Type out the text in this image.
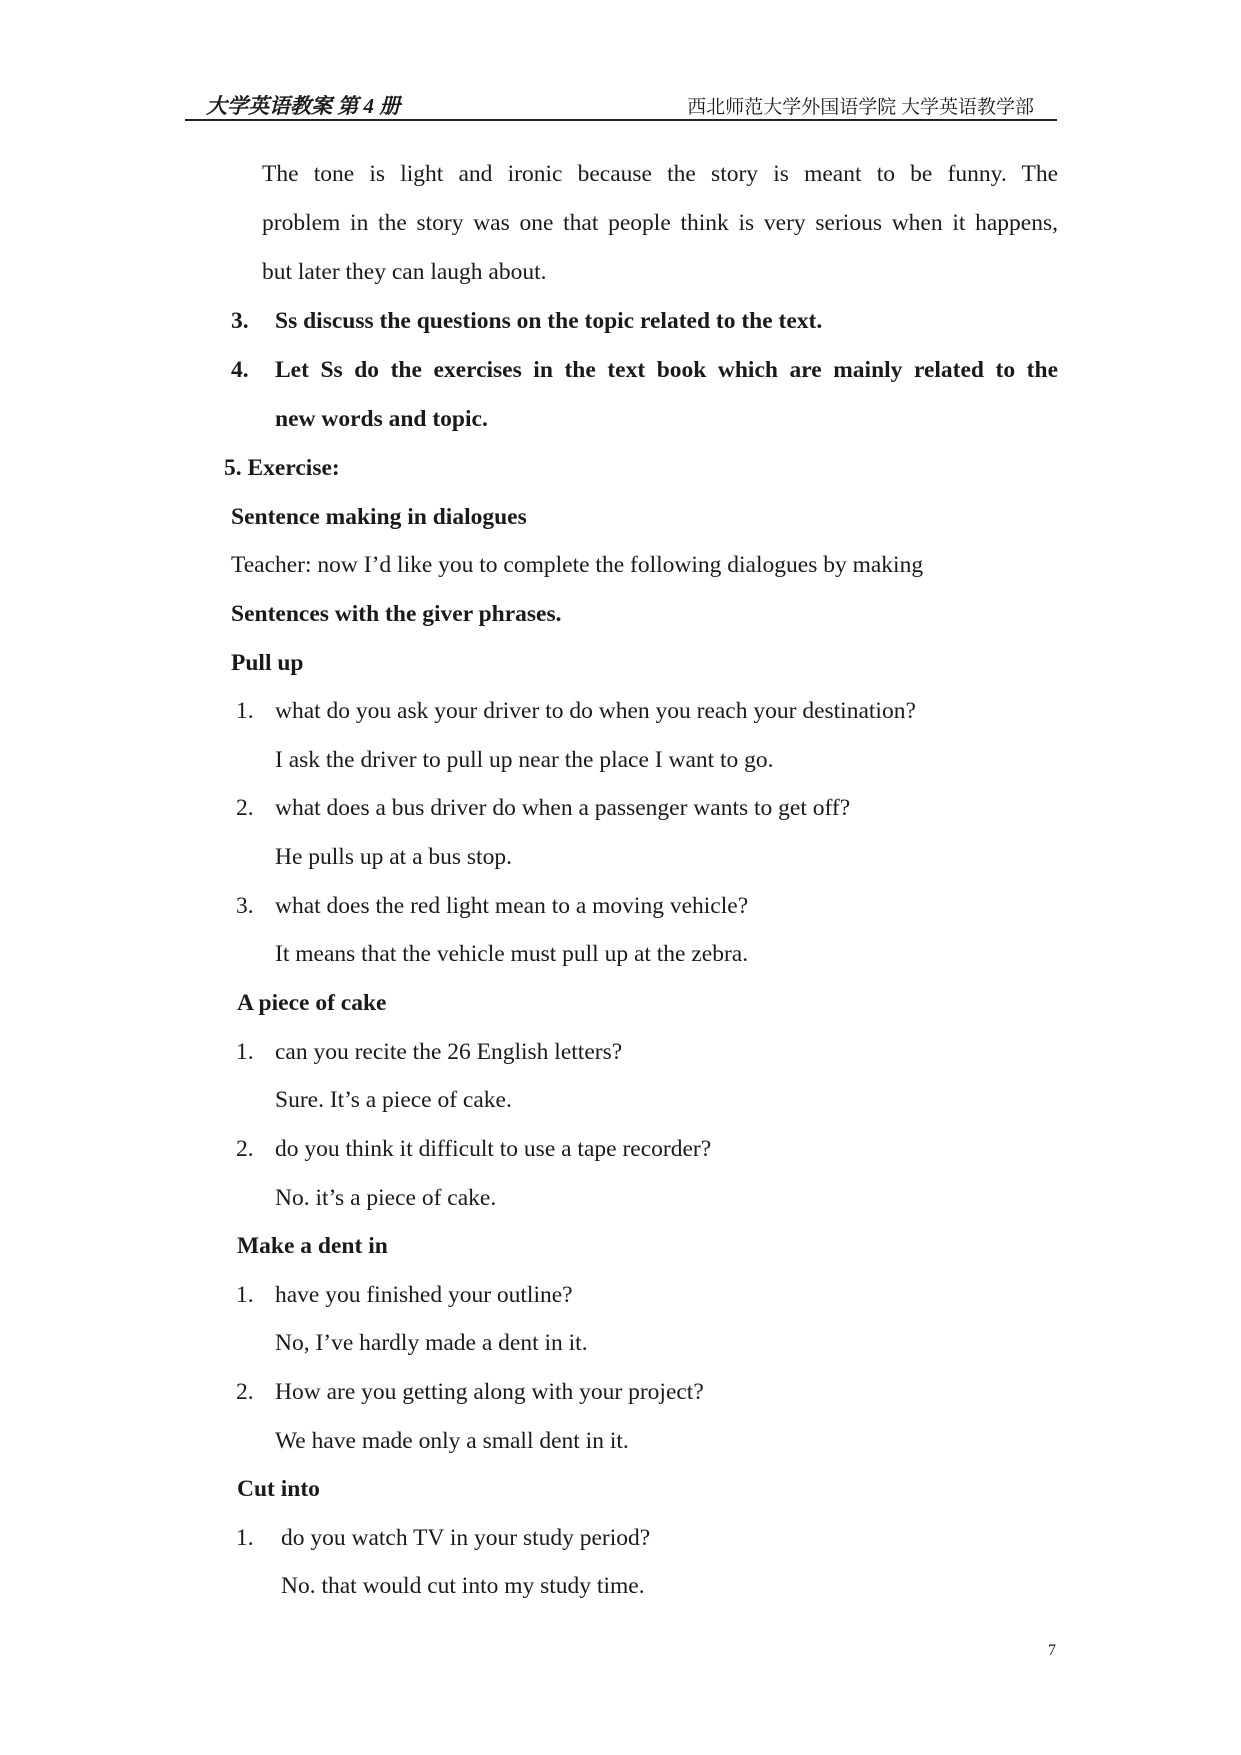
大学英语教案 第 4 册	西北师范大学外国语学院 大学英语教学部
The tone is light and ironic because the story is meant to be funny. The
problem in the story was one that people think is very serious when it happens,
but later they can laugh about.
3. Ss discuss the questions on the topic related to the text.
4. Let Ss do the exercises in the text book which are mainly related to the
new words and topic.
5. Exercise:
Sentence making in dialogues
Teacher: now I’d like you to complete the following dialogues by making
Sentences with the giver phrases.
Pull up
1. what do you ask your driver to do when you reach your destination?
I ask the driver to pull up near the place I want to go.
2. what does a bus driver do when a passenger wants to get off?
He pulls up at a bus stop.
3. what does the red light mean to a moving vehicle?
It means that the vehicle must pull up at the zebra.
A piece of cake
1. can you recite the 26 English letters?
Sure. It’s a piece of cake.
2. do you think it difficult to use a tape recorder?
No. it’s a piece of cake.
Make a dent in
1. have you finished your outline?
No, I’ve hardly made a dent in it.
2. How are you getting along with your project?
We have made only a small dent in it.
Cut into
1. do you watch TV in your study period?
No. that would cut into my study time.
7
